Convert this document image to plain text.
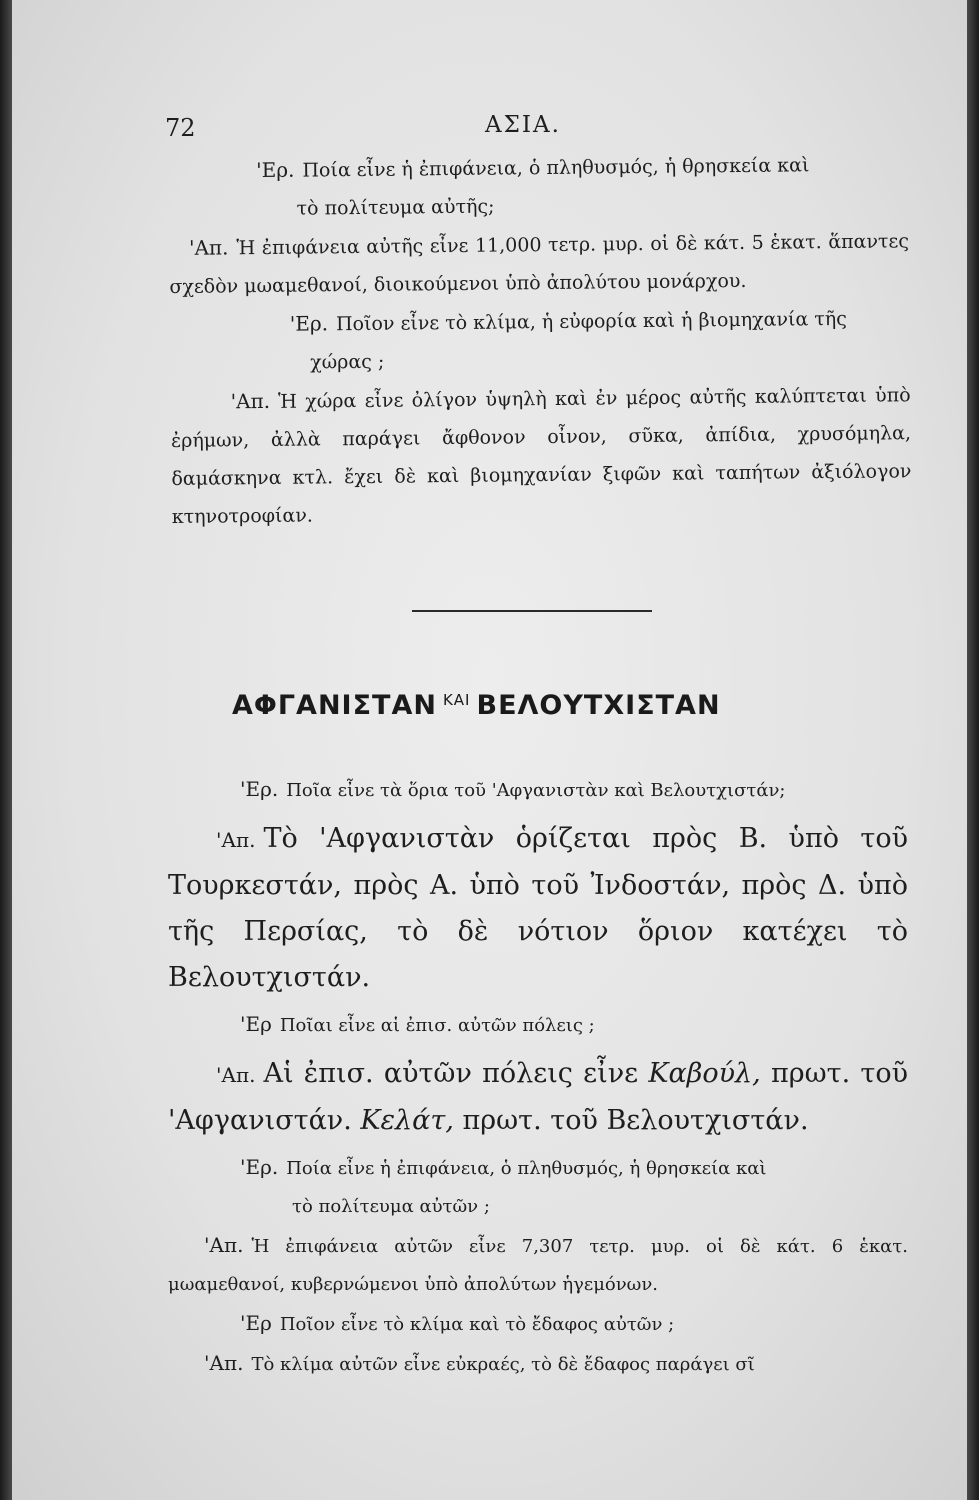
72	ΑΣΙΑ.

'Ερ. Ποία εἶνε ἡ ἐπιφάνεια, ὁ πληθυσμός, ἡ θρησκεία καὶ
τὸ πολίτευμα αὐτῆς;

'Απ. Ἡ ἐπιφάνεια αὐτῆς εἶνε 11,000 τετρ. μυρ. οἱ δὲ κάτ. 5 ἑκατ. ἅπαντες σχεδὸν μωαμεθανοί, διοικούμενοι ὑπὸ ἀπολύτου μονάρχου.

'Ερ. Ποῖον εἶνε τὸ κλίμα, ἡ εὐφορία καὶ ἡ βιομηχανία τῆς
χώρας ;

'Απ. Ἡ χώρα εἶνε ὀλίγον ὑψηλὴ καὶ ἐν μέρος αὐτῆς καλύπτεται ὑπὸ ἐρήμων, ἀλλὰ παράγει ἄφθονον οἶνον, σῦκα, ἀπίδια, χρυσόμηλα, δαμάσκηνα κτλ. ἔχει δὲ καὶ βιομηχανίαν ξιφῶν καὶ ταπήτων ἀξιόλογον κτηνοτροφίαν.

ΑΦΓΑΝΙΣΤΑΝ $^{KAI}$ ΒΕΛΟΥΤΧΙΣΤΑΝ

'Ερ. Ποῖα εἶνε τὰ ὅρια τοῦ 'Αφγανιστὰν καὶ Βελουτχιστάν;

'Απ. Τὸ 'Αφγανιστὰν ὁρίζεται πρὸς Β. ὑπὸ τοῦ Τουρκεστάν, πρὸς Α. ὑπὸ τοῦ Ἰνδοστάν, πρὸς Δ. ὑπὸ τῆς Περσίας, τὸ δὲ νότιον ὅριον κατέχει τὸ Βελουτχιστάν.

'Ερ Ποῖαι εἶνε αἱ ἐπισ. αὐτῶν πόλεις ;

'Απ. Αἱ ἐπισ. αὐτῶν πόλεις εἶνε Καβούλ, πρωτ. τοῦ 'Αφγανιστάν. Κελάτ, πρωτ. τοῦ Βελουτχιστάν.

'Ερ. Ποία εἶνε ἡ ἐπιφάνεια, ὁ πληθυσμός, ἡ θρησκεία καὶ
τὸ πολίτευμα αὐτῶν ;

'Απ. Ἡ ἐπιφάνεια αὐτῶν εἶνε 7,307 τετρ. μυρ. οἱ δὲ κάτ. 6 ἑκατ. μωαμεθανοί, κυβερνώμενοι ὑπὸ ἀπολύτων ἡγεμόνων.

'Ερ Ποῖον εἶνε τὸ κλίμα καὶ τὸ ἔδαφος αὐτῶν ;

'Απ. Τὸ κλίμα αὐτῶν εἶνε εὐκραές, τὸ δὲ ἔδαφος παράγει σῖ
